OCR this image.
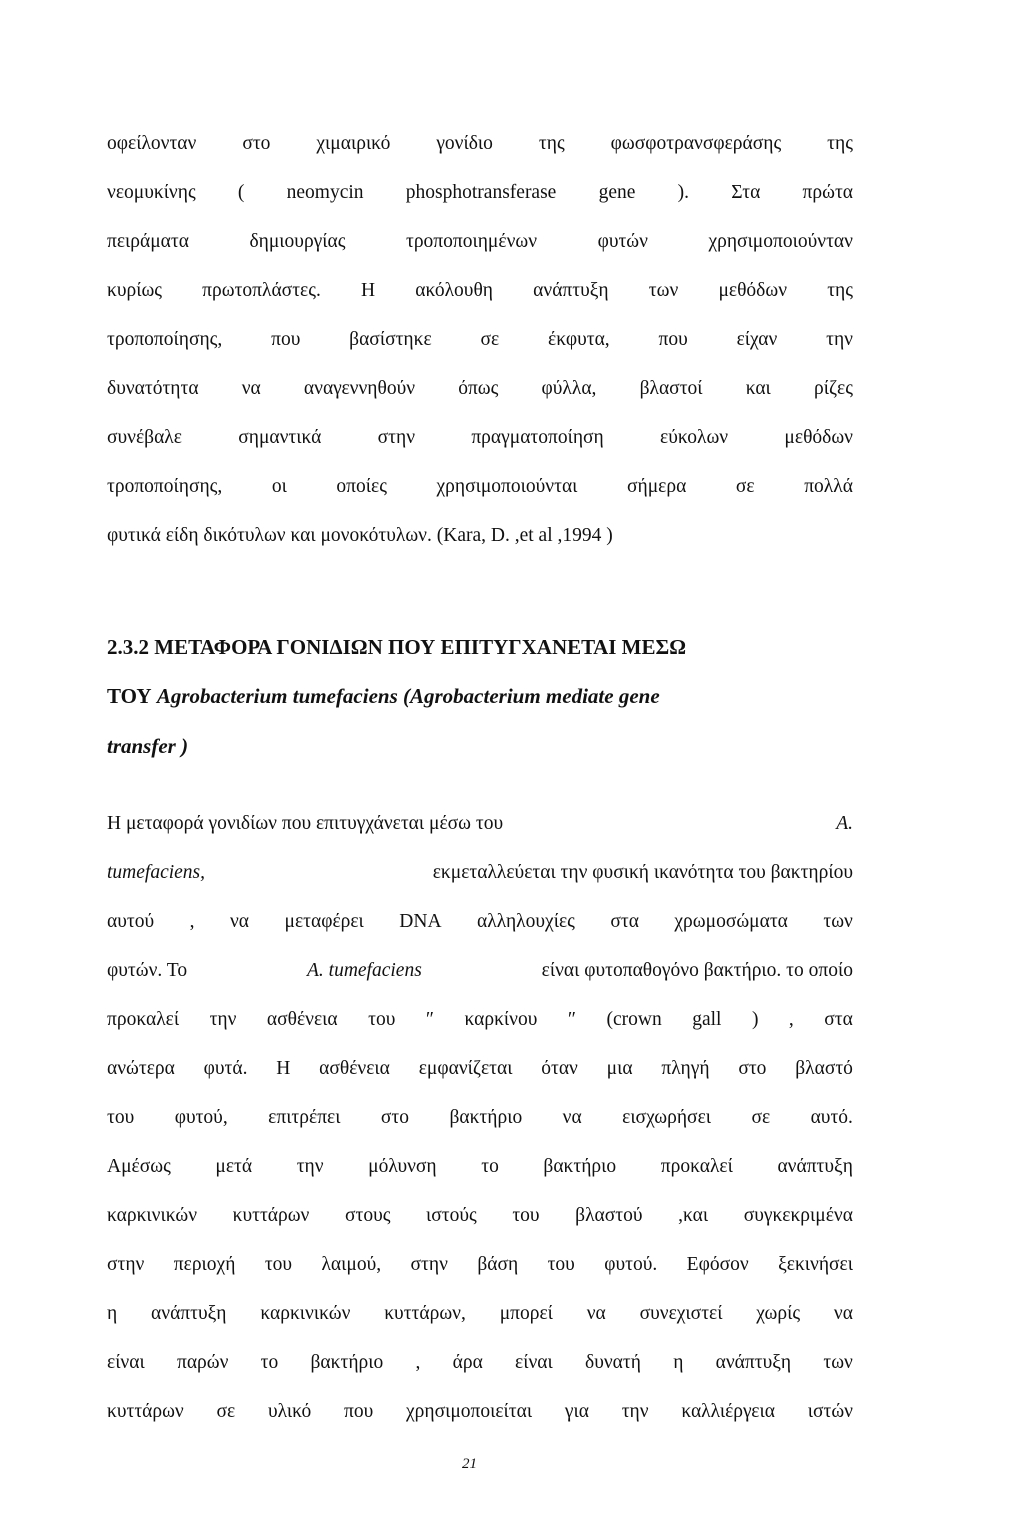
οφείλονταν στο χιμαιρικό γονίδιο της φωσφοτρανσφεράσης της
νεομυκίνης ( neomycin phosphotransferase gene ). Στα πρώτα
πειράματα	δημιουργίας	τροποποιημένων	φυτών	χρησιμοποιούνταν
κυρίως πρωτοπλάστες. Η ακόλουθη ανάπτυξη των μεθόδων της
τροποποίησης,	που	βασίστηκε	σε	έκφυτα,	που	είχαν	την
δυνατότητα να αναγεννηθούν όπως φύλλα, βλαστοί και ρίζες
συνέβαλε	σημαντικά	στην	πραγματοποίηση	εύκολων	μεθόδων
τροποποίησης,	οι	οποίες	χρησιμοποιούνται	σήμερα	σε	πολλά
φυτικά είδη δικότυλων και μονοκότυλων. (Kara, D. ,et al ,1994 )
2.3.2 ΜΕΤΑΦΟΡΑ ΓΟΝΙΔΙΩΝ ΠΟΥ ΕΠΙΤΥΓΧΑΝΕΤΑΙ ΜΕΣΩ
ΤΟΥ Agrobacterium tumefaciens (Agrobacterium mediate gene
transfer )
Η μεταφορά γονιδίων που επιτυγχάνεται μέσω του	A.
tumefaciens,	εκμεταλλεύεται την φυσική ικανότητα του βακτηρίου
αυτού , να μεταφέρει DNA αλληλουχίες στα χρωμοσώματα των
φυτών. Το	A. tumefaciens	είναι φυτοπαθογόνο βακτήριο. το οποίο
προκαλεί την ασθένεια του ″ καρκίνου ″ (crown gall ) , στα
ανώτερα φυτά. Η ασθένεια εμφανίζεται όταν μια πληγή στο βλαστό
του φυτού, επιτρέπει στο βακτήριο να εισχωρήσει σε αυτό.
Αμέσως μετά την μόλυνση το βακτήριο προκαλεί ανάπτυξη
καρκινικών κυττάρων στους ιστούς του βλαστού ,και συγκεκριμένα
στην περιοχή του λαιμού, στην βάση του φυτού. Εφόσον ξεκινήσει
η ανάπτυξη καρκινικών κυττάρων, μπορεί να συνεχιστεί χωρίς να
είναι παρών το βακτήριο , άρα είναι δυνατή η ανάπτυξη των
κυττάρων σε υλικό που χρησιμοποιείται για την καλλιέργεια ιστών
21
